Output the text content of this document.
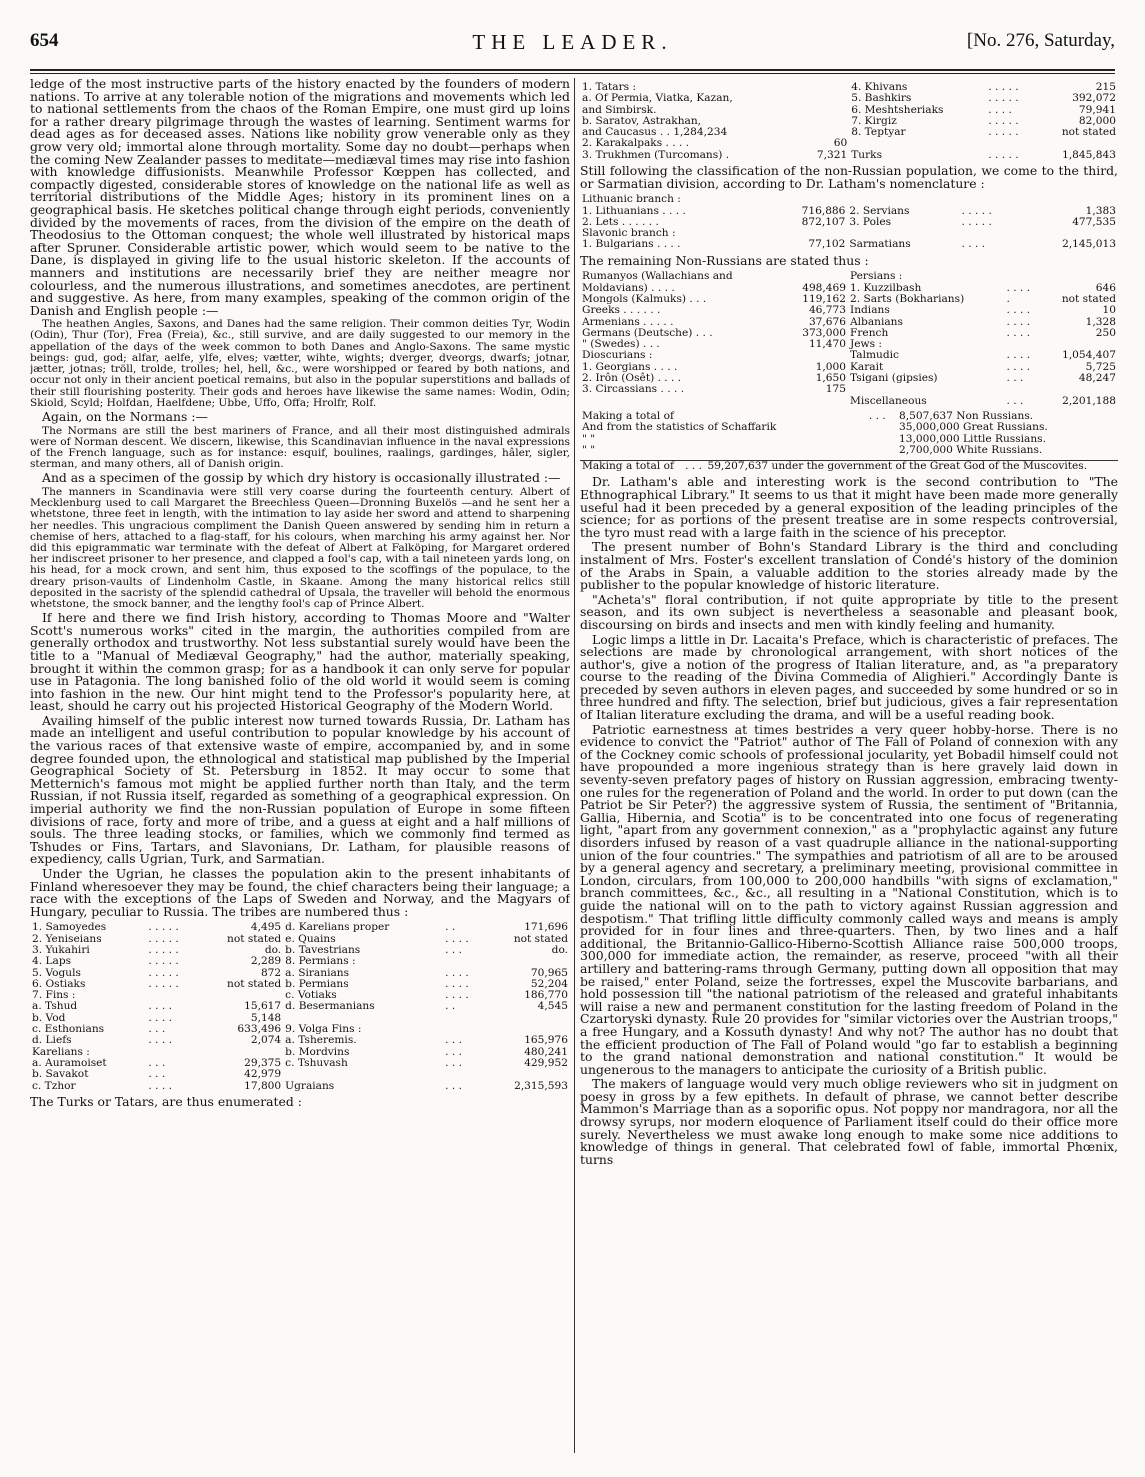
654	THE LEADER.	[No. 276, Saturday,

ledge of the most instructive parts of the history enacted by the founders of modern nations. To arrive at any tolerable notion of the migrations and movements which led to national settlements from the chaos of the Roman Empire, one must gird up loins for a rather dreary pilgrimage through the wastes of learning. Sentiment warms for dead ages as for deceased asses. Nations like nobility grow venerable only as they grow very old; immortal alone through mortality. Some day no doubt—perhaps when the coming New Zealander passes to meditate—mediæval times may rise into fashion with knowledge diffusionists. Meanwhile Professor Kœppen has collected, and compactly digested, considerable stores of knowledge on the national life as well as territorial distributions of the Middle Ages; history in its prominent lines on a geographical basis. He sketches political change through eight periods, conveniently divided by the movements of races, from the division of the empire on the death of Theodosius to the Ottoman conquest; the whole well illustrated by historical maps after Spruner. Considerable artistic power, which would seem to be native to the Dane, is displayed in giving life to the usual historic skeleton. If the accounts of manners and institutions are necessarily brief they are neither meagre nor colourless, and the numerous illustrations, and sometimes anecdotes, are pertinent and suggestive. As here, from many examples, speaking of the common origin of the Danish and English people :—

The heathen Angles, Saxons, and Danes had the same religion. Their common deities Tyr, Wodin (Odin), Thur (Tor), Frea (Freia), &c., still survive, and are daily suggested to our memory in the appellation of the days of the week common to both Danes and Anglo-Saxons. The same mystic beings: gud, god; alfar, aelfe, ylfe, elves; vætter, wihte, wights; dverger, dveorgs, dwarfs; jotnar, jætter, jotnas; tröll, trolde, trolles; hel, hell, &c., were worshipped or feared by both nations, and occur not only in their ancient poetical remains, but also in the popular superstitions and ballads of their still flourishing posterity. Their gods and heroes have likewise the same names: Wodin, Odin; Skiold, Scyld; Holfdan, Haelfdene; Ubbe, Uffo, Offa; Hrolfr, Rolf.

Again, on the Normans :—

The Normans are still the best mariners of France, and all their most distinguished admirals were of Norman descent. We discern, likewise, this Scandinavian influence in the naval expressions of the French language, such as for instance: esquif, boulines, raalings, gardinges, hâler, sigler, sterman, and many others, all of Danish origin.

And as a specimen of the gossip by which dry history is occasionally illustrated :—

The manners in Scandinavia were still very coarse during the fourteenth century. Albert of Mecklenburg used to call Margaret the Breechless Queen—Dronning Buxelös —and he sent her a whetstone, three feet in length, with the intimation to lay aside her sword and attend to sharpening her needles. This ungracious compliment the Danish Queen answered by sending him in return a chemise of hers, attached to a flag-staff, for his colours, when marching his army against her. Nor did this epigrammatic war terminate with the defeat of Albert at Falköping, for Margaret ordered her indiscreet prisoner to her presence, and clapped a fool's cap, with a tail nineteen yards long, on his head, for a mock crown, and sent him, thus exposed to the scoffings of the populace, to the dreary prison-vaults of Lindenholm Castle, in Skaane. Among the many historical relics still deposited in the sacristy of the splendid cathedral of Upsala, the traveller will behold the enormous whetstone, the smock banner, and the lengthy fool's cap of Prince Albert.

If here and there we find Irish history, according to Thomas Moore and "Walter Scott's numerous works" cited in the margin, the authorities compiled from are generally orthodox and trustworthy. Not less substantial surely would have been the title to a "Manual of Mediæval Geography," had the author, materially speaking, brought it within the common grasp; for as a handbook it can only serve for popular use in Patagonia. The long banished folio of the old world it would seem is coming into fashion in the new. Our hint might tend to the Professor's popularity here, at least, should he carry out his projected Historical Geography of the Modern World.

Availing himself of the public interest now turned towards Russia, Dr. Latham has made an intelligent and useful contribution to popular knowledge by his account of the various races of that extensive waste of empire, accompanied by, and in some degree founded upon, the ethnological and statistical map published by the Imperial Geographical Society of St. Petersburg in 1852. It may occur to some that Metternich's famous mot might be applied further north than Italy, and the term Russian, if not Russia itself, regarded as something of a geographical expression. On imperial authority we find the non-Russian population of Europe in some fifteen divisions of race, forty and more of tribe, and a guess at eight and a half millions of souls. The three leading stocks, or families, which we commonly find termed as Tshudes or Fins, Tartars, and Slavonians, Dr. Latham, for plausible reasons of expediency, calls Ugrian, Turk, and Sarmatian.

Under the Ugrian, he classes the population akin to the present inhabitants of Finland wheresoever they may be found, the chief characters being their language; a race with the exceptions of the Laps of Sweden and Norway, and the Magyars of Hungary, peculiar to Russia. The tribes are numbered thus :

1. Samoyedes	. . . . .	4,495	d. Karelians proper	. .	171,696
2. Yeniseians	. . . . .	not stated	e. Quains	. . . .	not stated
3. Yukahiri	. . . . .	do.	b. Tavestrians	. . .	do.
4. Laps	. . . . .	2,289	8. Permians :		
5. Voguls	. . . . .	872	a. Siranians	. . . .	70,965
6. Ostiaks	. . . . .	not stated	b. Permians	. . . .	52,204
7. Fins :			c. Votiaks	. . . .	186,770
a. Tshud	. . . .	15,617	d. Besermanians	. .	4,545
b. Vod	. . . .	5,148			
c. Esthonians	. . .	633,496	9. Volga Fins :		
d. Liefs	. . . .	2,074	a. Tsheremis.	. . .	165,976
Karelians :			b. Mordvins	. . .	480,241
a. Auramoiset	. . .	29,375	c. Tshuvash	. . .	429,952
b. Savakot	. . .	42,979			
c. Tzhor	. . . .	17,800	Ugraians	. . .	2,315,593

The Turks or Tatars, are thus enumerated :

1. Tatars :		4. Khivans	. . . . .	215
a. Of Permia, Viatka, Kazan,		5. Bashkirs	. . . . .	392,072
and Simbirsk.		6. Meshtsheriaks	. . . .	79,941
b. Saratov, Astrakhan,		7. Kirgiz	. . . . .	82,000
and Caucasus . . 1,284,234		8. Teptyar	. . . . .	not stated
2. Karakalpaks . . . .	60			
3. Trukhmen (Turcomans) .	7,321	Turks	. . . . .	1,845,843

Still following the classification of the non-Russian population, we come to the third, or Sarmatian division, according to Dr. Latham's nomenclature :

Lithuanic branch :				
1. Lithuanians . . . .	716,886	2. Servians	. . . . .	1,383
2. Lets . . . . . .	872,107	3. Poles	. . . . .	477,535
Slavonic branch :				
1. Bulgarians . . . .	77,102	Sarmatians	. . . .	2,145,013

The remaining Non-Russians are stated thus :

Rumanyos (Wallachians and		Persians :		
Moldavians) . . . .	498,469	1. Kuzzilbash	. . . .	646
Mongols (Kalmuks) . . .	119,162	2. Sarts (Bokharians)	.	not stated
Greeks . . . . . .	46,773	Indians	. . . .	10
Armenians . . . . .	37,676	Albanians	. . . .	1,328
Germans (Deutsche) . . .	373,000	French	. . . .	250
" (Swedes) . . .	11,470	Jews :		
Dioscurians :		Talmudic	. . . .	1,054,407
1. Georgians . . . .	1,000	Karait	. . . .	5,725
2. Irôn (Osêt) . . . .	1,650	Tsigani (gipsies)	. . .	48,247
3. Circassians . . . .	175			
		Miscellaneous	. . .	2,201,188
Making a total of	. . .	8,507,637 Non Russians.
And from the statistics of Schaffarik		35,000,000 Great Russians.
" "		13,000,000 Little Russians.
" "		2,700,000 White Russians.
Making a total of	. . .	59,207,637 under the government of the Great God of the Muscovites.

Dr. Latham's able and interesting work is the second contribution to "The Ethnographical Library." It seems to us that it might have been made more generally useful had it been preceded by a general exposition of the leading principles of the science; for as portions of the present treatise are in some respects controversial, the tyro must read with a large faith in the science of his preceptor.

The present number of Bohn's Standard Library is the third and concluding instalment of Mrs. Foster's excellent translation of Condé's history of the dominion of the Arabs in Spain, a valuable addition to the stories already made by the publisher to the popular knowledge of historic literature.

"Acheta's" floral contribution, if not quite appropriate by title to the present season, and its own subject is nevertheless a seasonable and pleasant book, discoursing on birds and insects and men with kindly feeling and humanity.

Logic limps a little in Dr. Lacaita's Preface, which is characteristic of prefaces. The selections are made by chronological arrangement, with short notices of the author's, give a notion of the progress of Italian literature, and, as "a preparatory course to the reading of the Divina Commedia of Alighieri." Accordingly Dante is preceded by seven authors in eleven pages, and succeeded by some hundred or so in three hundred and fifty. The selection, brief but judicious, gives a fair representation of Italian literature excluding the drama, and will be a useful reading book.

Patriotic earnestness at times bestrides a very queer hobby-horse. There is no evidence to convict the "Patriot" author of The Fall of Poland of connexion with any of the Cockney comic schools of professional jocularity, yet Bobadil himself could not have propounded a more ingenious strategy than is here gravely laid down in seventy-seven prefatory pages of history on Russian aggression, embracing twenty-one rules for the regeneration of Poland and the world. In order to put down (can the Patriot be Sir Peter?) the aggressive system of Russia, the sentiment of "Britannia, Gallia, Hibernia, and Scotia" is to be concentrated into one focus of regenerating light, "apart from any government connexion," as a "prophylactic against any future disorders infused by reason of a vast quadruple alliance in the national-supporting union of the four countries." The sympathies and patriotism of all are to be aroused by a general agency and secretary, a preliminary meeting, provisional committee in London, circulars, from 100,000 to 200,000 handbills "with signs of exclamation," branch committees, &c., &c., all resulting in a "National Constitution, which is to guide the national will on to the path to victory against Russian aggression and despotism." That trifling little difficulty commonly called ways and means is amply provided for in four lines and three-quarters. Then, by two lines and a half additional, the Britannio-Gallico-Hiberno-Scottish Alliance raise 500,000 troops, 300,000 for immediate action, the remainder, as reserve, proceed "with all their artillery and battering-rams through Germany, putting down all opposition that may be raised," enter Poland, seize the fortresses, expel the Muscovite barbarians, and hold possession till "the national patriotism of the released and grateful inhabitants will raise a new and permanent constitution for the lasting freedom of Poland in the Czartoryski dynasty. Rule 20 provides for "similar victories over the Austrian troops," a free Hungary, and a Kossuth dynasty! And why not? The author has no doubt that the efficient production of The Fall of Poland would "go far to establish a beginning to the grand national demonstration and national constitution." It would be ungenerous to the managers to anticipate the curiosity of a British public.

The makers of language would very much oblige reviewers who sit in judgment on poesy in gross by a few epithets. In default of phrase, we cannot better describe Mammon's Marriage than as a soporific opus. Not poppy nor mandragora, nor all the drowsy syrups, nor modern eloquence of Parliament itself could do their office more surely. Nevertheless we must awake long enough to make some nice additions to knowledge of things in general. That celebrated fowl of fable, immortal Phœnix, turns
